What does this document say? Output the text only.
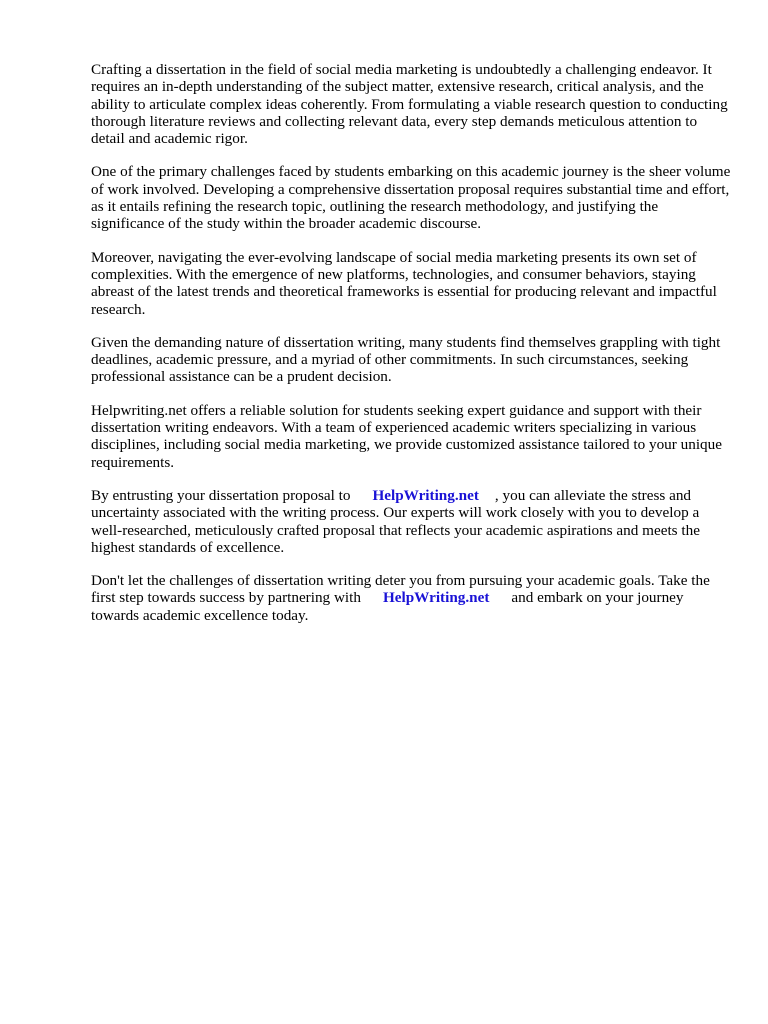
Crafting a dissertation in the field of social media marketing is undoubtedly a challenging endeavor. It requires an in-depth understanding of the subject matter, extensive research, critical analysis, and the ability to articulate complex ideas coherently. From formulating a viable research question to conducting thorough literature reviews and collecting relevant data, every step demands meticulous attention to detail and academic rigor.

One of the primary challenges faced by students embarking on this academic journey is the sheer volume of work involved. Developing a comprehensive dissertation proposal requires substantial time and effort, as it entails refining the research topic, outlining the research methodology, and justifying the significance of the study within the broader academic discourse.

Moreover, navigating the ever-evolving landscape of social media marketing presents its own set of complexities. With the emergence of new platforms, technologies, and consumer behaviors, staying abreast of the latest trends and theoretical frameworks is essential for producing relevant and impactful research.

Given the demanding nature of dissertation writing, many students find themselves grappling with tight deadlines, academic pressure, and a myriad of other commitments. In such circumstances, seeking professional assistance can be a prudent decision.

Helpwriting.net offers a reliable solution for students seeking expert guidance and support with their dissertation writing endeavors. With a team of experienced academic writers specializing in various disciplines, including social media marketing, we provide customized assistance tailored to your unique requirements.

By entrusting your dissertation proposal to HelpWriting.net , you can alleviate the stress and uncertainty associated with the writing process. Our experts will work closely with you to develop a well-researched, meticulously crafted proposal that reflects your academic aspirations and meets the highest standards of excellence.

Don't let the challenges of dissertation writing deter you from pursuing your academic goals. Take the first step towards success by partnering with HelpWriting.net and embark on your journey towards academic excellence today.
